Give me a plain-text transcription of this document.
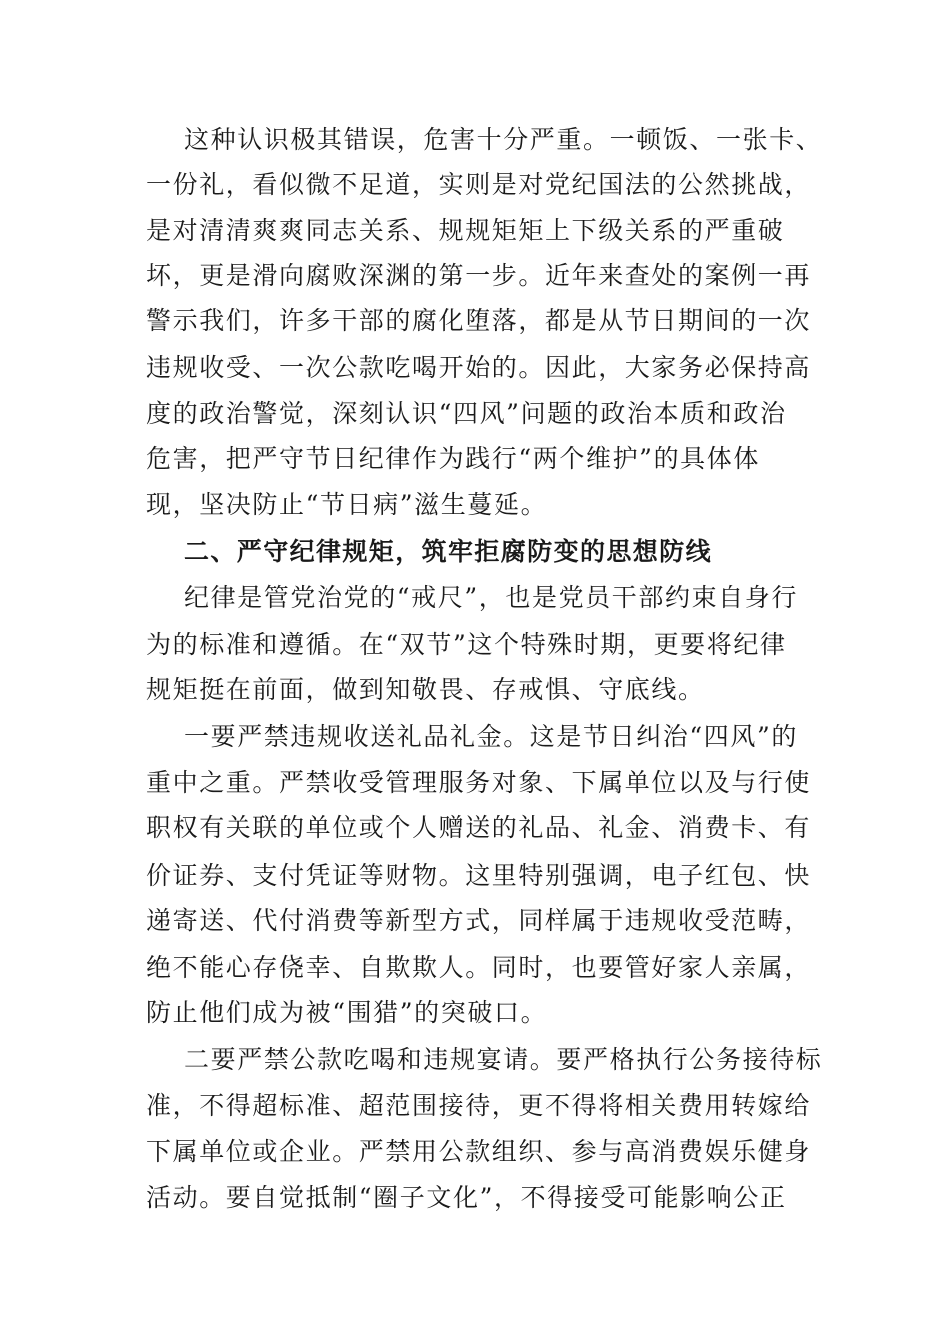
这种认识极其错误，危害十分严重。一顿饭、一张卡、
一份礼，看似微不足道，实则是对党纪国法的公然挑战，
是对清清爽爽同志关系、规规矩矩上下级关系的严重破
坏，更是滑向腐败深渊的第一步。近年来查处的案例一再
警示我们，许多干部的腐化堕落，都是从节日期间的一次
违规收受、一次公款吃喝开始的。因此，大家务必保持高
度的政治警觉，深刻认识“四风”问题的政治本质和政治
危害，把严守节日纪律作为践行“两个维护”的具体体
现，坚决防止“节日病”滋生蔓延。
二、严守纪律规矩，筑牢拒腐防变的思想防线
纪律是管党治党的“戒尺”，也是党员干部约束自身行
为的标准和遵循。在“双节”这个特殊时期，更要将纪律
规矩挺在前面，做到知敬畏、存戒惧、守底线。
一要严禁违规收送礼品礼金。这是节日纠治“四风”的
重中之重。严禁收受管理服务对象、下属单位以及与行使
职权有关联的单位或个人赠送的礼品、礼金、消费卡、有
价证券、支付凭证等财物。这里特别强调，电子红包、快
递寄送、代付消费等新型方式，同样属于违规收受范畴，
绝不能心存侥幸、自欺欺人。同时，也要管好家人亲属，
防止他们成为被“围猎”的突破口。
二要严禁公款吃喝和违规宴请。要严格执行公务接待标
准，不得超标准、超范围接待，更不得将相关费用转嫁给
下属单位或企业。严禁用公款组织、参与高消费娱乐健身
活动。要自觉抵制“圈子文化”，不得接受可能影响公正
